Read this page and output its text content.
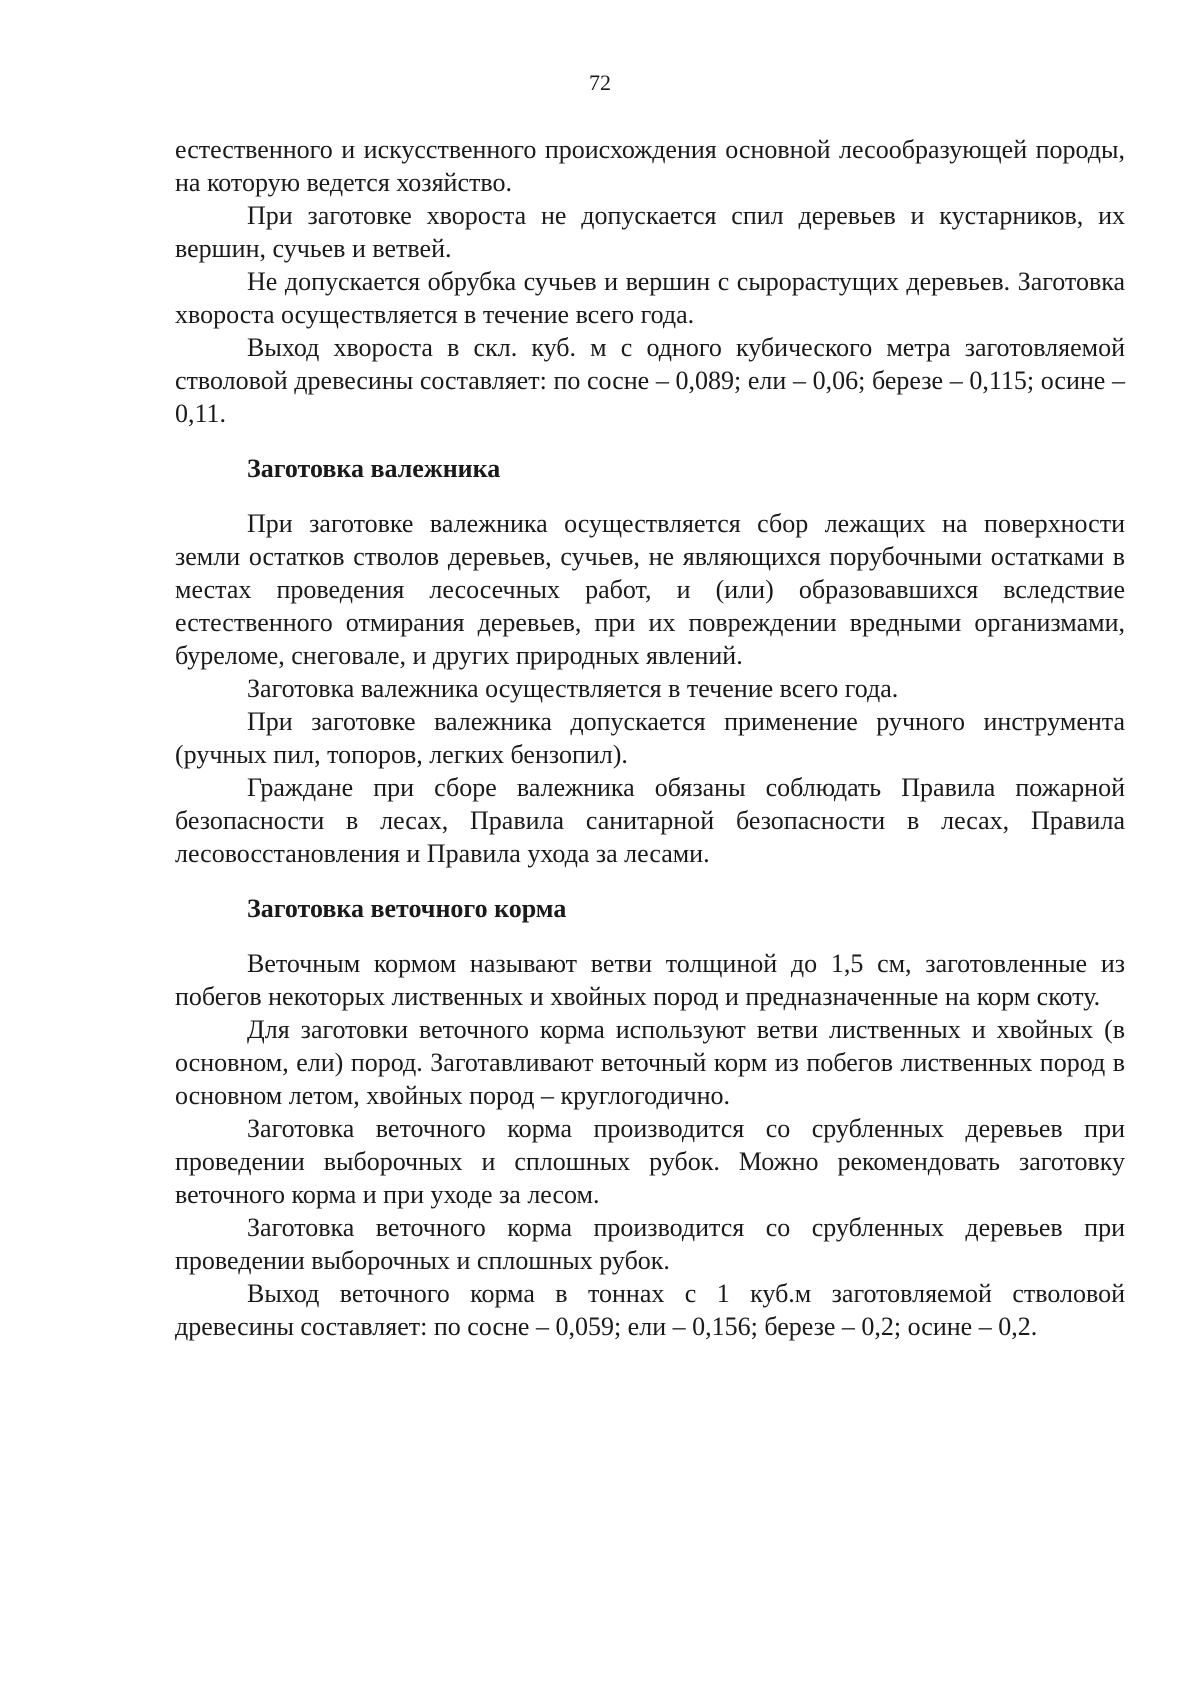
72

естественного и искусственного происхождения основной лесообразующей породы, на которую ведется хозяйство.

При заготовке хвороста не допускается спил деревьев и кустарников, их вершин, сучьев и ветвей.

Не допускается обрубка сучьев и вершин с сырорастущих деревьев. Заготовка хвороста осуществляется в течение всего года.

Выход хвороста в скл. куб. м с одного кубического метра заготовляемой стволовой древесины составляет: по сосне – 0,089; ели – 0,06; березе – 0,115; осине – 0,11.

Заготовка валежника

При заготовке валежника осуществляется сбор лежащих на поверхности земли остатков стволов деревьев, сучьев, не являющихся порубочными остатками в местах проведения лесосечных работ, и (или) образовавшихся вследствие естественного отмирания деревьев, при их повреждении вредными организмами, буреломе, снеговале, и других природных явлений.

Заготовка валежника осуществляется в течение всего года.

При заготовке валежника допускается применение ручного инструмента (ручных пил, топоров, легких бензопил).

Граждане при сборе валежника обязаны соблюдать Правила пожарной безопасности в лесах, Правила санитарной безопасности в лесах, Правила лесовосстановления и Правила ухода за лесами.

Заготовка веточного корма

Веточным кормом называют ветви толщиной до 1,5 см, заготовленные из побегов некоторых лиственных и хвойных пород и предназначенные на корм скоту.

Для заготовки веточного корма используют ветви лиственных и хвойных (в основном, ели) пород. Заготавливают веточный корм из побегов лиственных пород в основном летом, хвойных пород – круглогодично.

Заготовка веточного корма производится со срубленных деревьев при проведении выборочных и сплошных рубок. Можно рекомендовать заготовку веточного корма и при уходе за лесом.

Заготовка веточного корма производится со срубленных деревьев при проведении выборочных и сплошных рубок.

Выход веточного корма в тоннах с 1 куб.м заготовляемой стволовой древесины составляет: по сосне – 0,059; ели – 0,156; березе – 0,2; осине – 0,2.
